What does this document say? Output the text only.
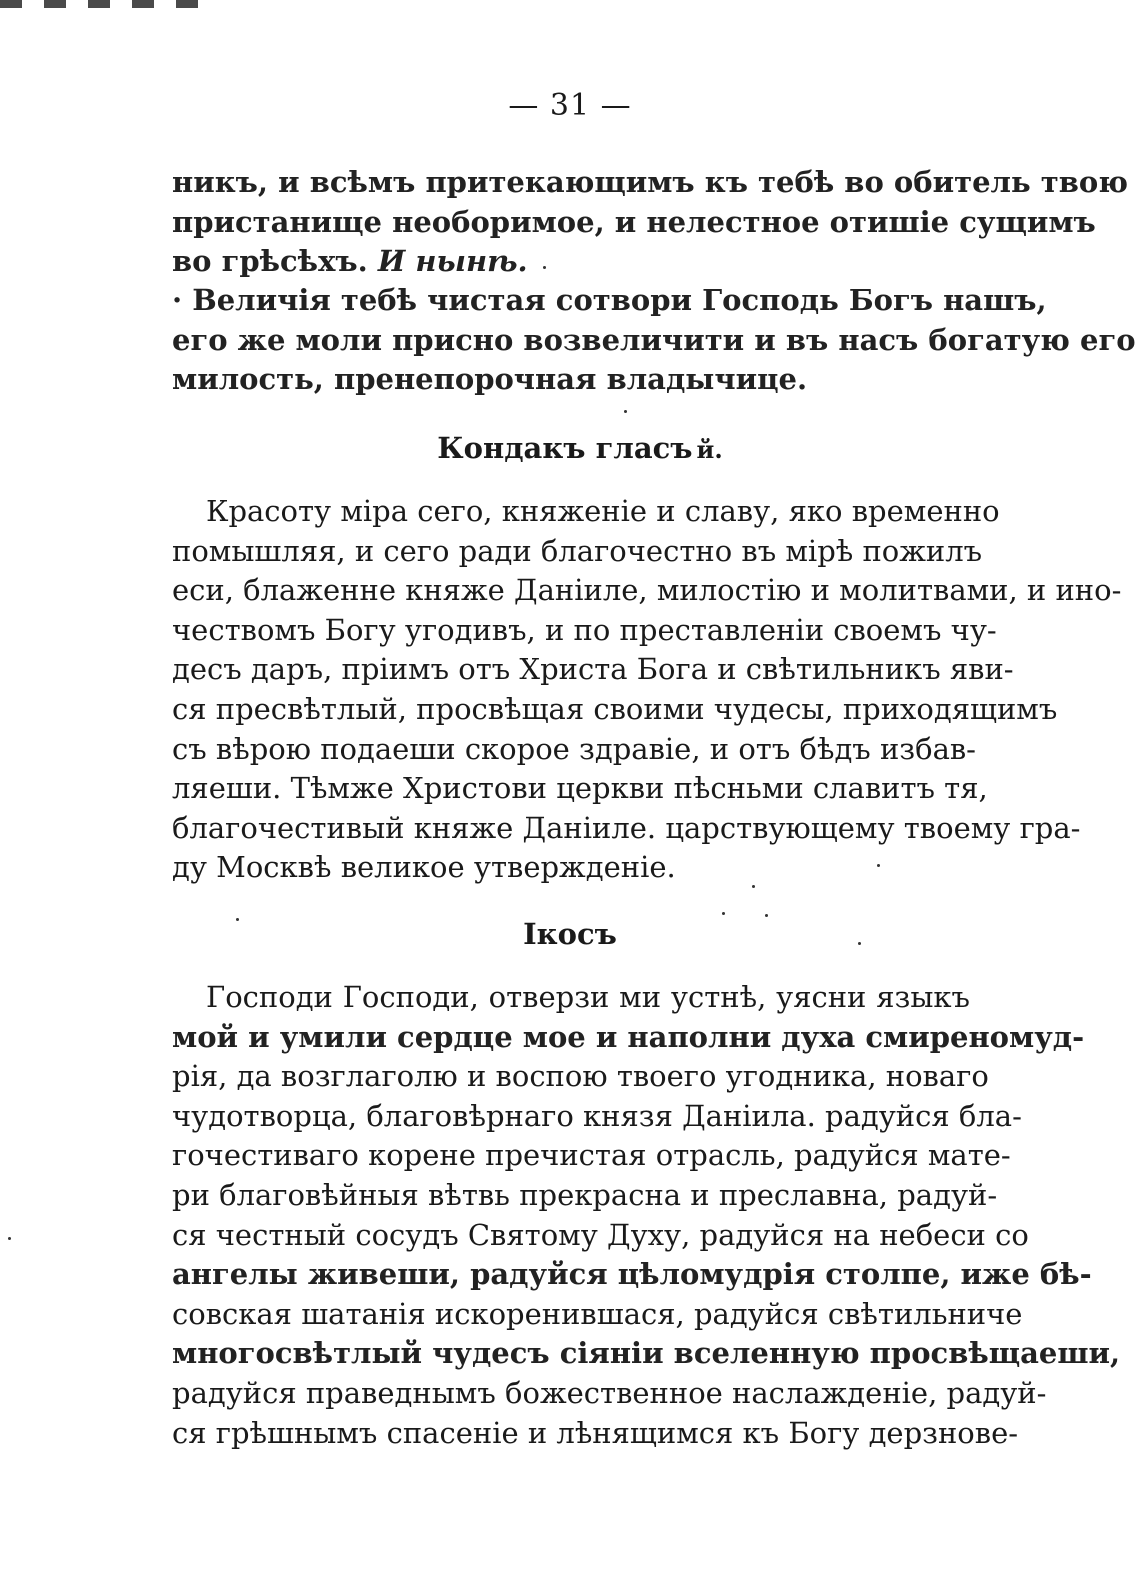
— 31 —
никъ, и всѣмъ притекающимъ къ тебѣ во обитель твою
пристанище необоримое, и нелестное отишіе сущимъ
во грѣсѣхъ. И нынѣ.
· Величія тебѣ чистая сотвори Господь Богъ нашъ,
его же моли присно возвеличити и въ насъ богатую его
милость, пренепорочная владычице.
Кондакъ гласъ й.
Красоту міра сего, княженіе и славу, яко временно
помышляя, и сего ради благочестно въ мірѣ пожилъ
еси, блаженне княже Даніиле, милостію и молитвами, и ино-
чествомъ Богу угодивъ, и по преставленіи своемъ чу-
десъ даръ, пріимъ отъ Христа Бога и свѣтильникъ яви-
ся пресвѣтлый, просвѣщая своими чудесы, приходящимъ
съ вѣрою подаеши скорое здравіе, и отъ бѣдъ избав-
ляеши. Тѣмже Христови церкви пѣсньми славитъ тя,
благочестивый княже Даніиле. царствующему твоему гра-
ду Москвѣ великое утвержденіе.
Ікосъ
Господи Господи, отверзи ми устнѣ, уясни языкъ
мой и умили сердце мое и наполни духа смиреномуд-
рія, да возглаголю и воспою твоего угодника, новаго
чудотворца, благовѣрнаго князя Даніила. радуйся бла-
гочестиваго корене пречистая отрасль, радуйся мате-
ри благовѣйныя вѣтвь прекрасна и преславна, радуй-
ся честный сосудъ Святому Духу, радуйся на небеси со
ангелы живеши, радуйся цѣломудрія столпе, иже бѣ-
совская шатанія искоренившася, радуйся свѣтильниче
многосвѣтлый чудесъ сіяніи вселенную просвѣщаеши,
радуйся праведнымъ божественное наслажденіе, радуй-
ся грѣшнымъ спасеніе и лѣнящимся къ Богу дерзнове-
